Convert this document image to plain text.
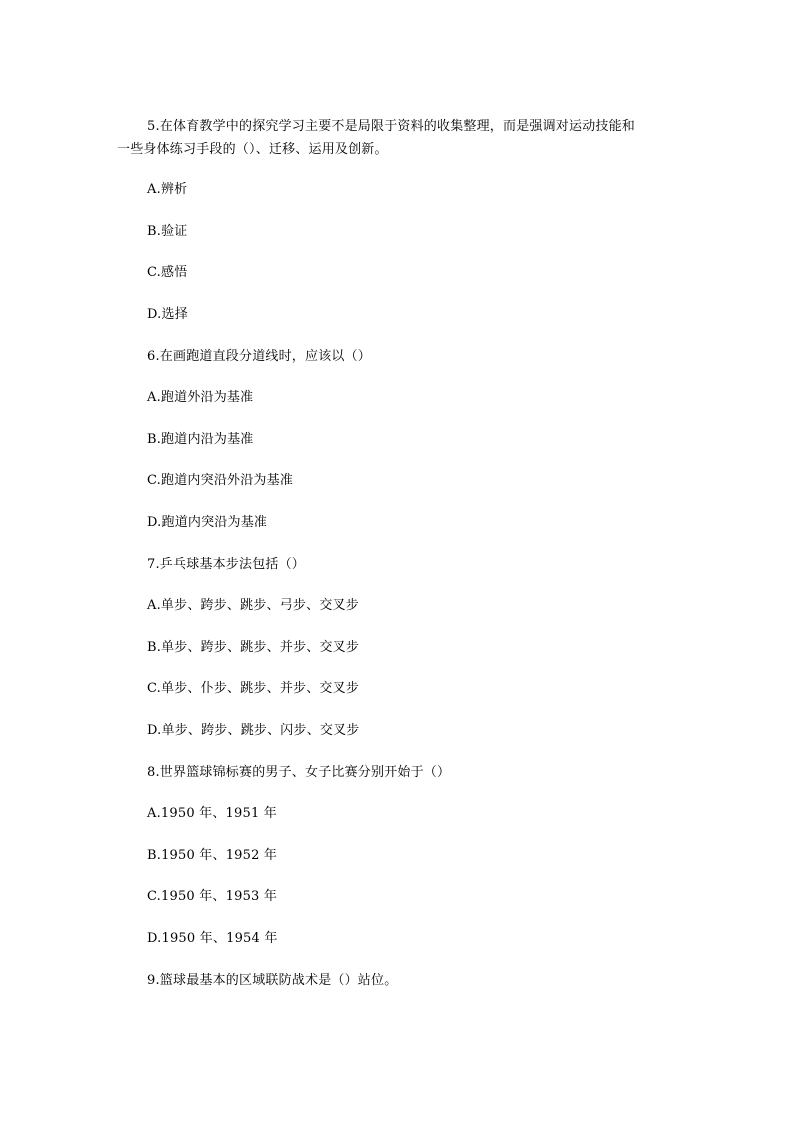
5.在体育教学中的探究学习主要不是局限于资料的收集整理，而是强调对运动技能和
一些身体练习手段的（）、迁移、运用及创新。
A.辨析
B.验证
C.感悟
D.选择
6.在画跑道直段分道线时，应该以（）
A.跑道外沿为基准
B.跑道内沿为基准
C.跑道内突沿外沿为基准
D.跑道内突沿为基准
7.乒乓球基本步法包括（）
A.单步、跨步、跳步、弓步、交叉步
B.单步、跨步、跳步、并步、交叉步
C.单步、仆步、跳步、并步、交叉步
D.单步、跨步、跳步、闪步、交叉步
8.世界篮球锦标赛的男子、女子比赛分别开始于（）
A.1950 年、1951 年
B.1950 年、1952 年
C.1950 年、1953 年
D.1950 年、1954 年
9.篮球最基本的区域联防战术是（）站位。
